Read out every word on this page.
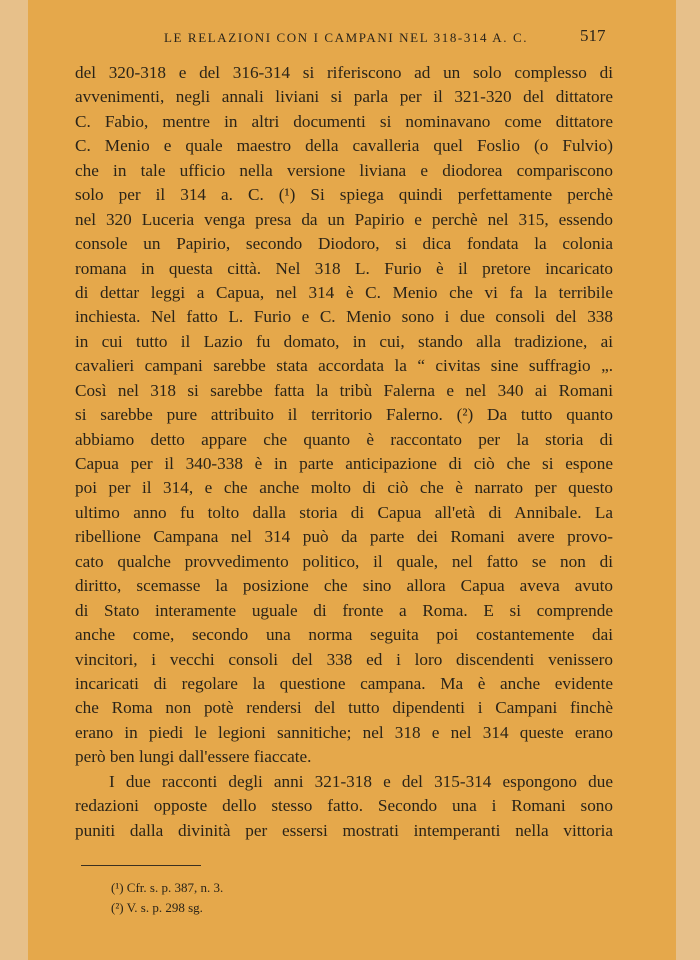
LE RELAZIONI CON I CAMPANI NEL 318-314 A. C.	517
del 320-318 e del 316-314 si riferiscono ad un solo complesso di
avvenimenti, negli annali liviani si parla per il 321-320 del dittatore
C. Fabio, mentre in altri documenti si nominavano come dittatore
C. Menio e quale maestro della cavalleria quel Foslio (o Fulvio)
che in tale ufficio nella versione liviana e diodorea compariscono
solo per il 314 a. C. (¹) Si spiega quindi perfettamente perchè
nel 320 Luceria venga presa da un Papirio e perchè nel 315, essendo
console un Papirio, secondo Diodoro, si dica fondata la colonia
romana in questa città. Nel 318 L. Furio è il pretore incaricato
di dettar leggi a Capua, nel 314 è C. Menio che vi fa la terribile
inchiesta. Nel fatto L. Furio e C. Menio sono i due consoli del 338
in cui tutto il Lazio fu domato, in cui, stando alla tradizione, ai
cavalieri campani sarebbe stata accordata la “ civitas sine suffragio „.
Così nel 318 si sarebbe fatta la tribù Falerna e nel 340 ai Romani
si sarebbe pure attribuito il territorio Falerno. (²) Da tutto quanto
abbiamo detto appare che quanto è raccontato per la storia di
Capua per il 340-338 è in parte anticipazione di ciò che si espone
poi per il 314, e che anche molto di ciò che è narrato per questo
ultimo anno fu tolto dalla storia di Capua all'età di Annibale. La
ribellione Campana nel 314 può da parte dei Romani avere provo-
cato qualche provvedimento politico, il quale, nel fatto se non di
diritto, scemasse la posizione che sino allora Capua aveva avuto
di Stato interamente uguale di fronte a Roma. E si comprende
anche come, secondo una norma seguita poi costantemente dai
vincitori, i vecchi consoli del 338 ed i loro discendenti venissero
incaricati di regolare la questione campana. Ma è anche evidente
che Roma non potè rendersi del tutto dipendenti i Campani finchè
erano in piedi le legioni sannitiche; nel 318 e nel 314 queste erano
però ben lungi dall'essere fiaccate.
I due racconti degli anni 321-318 e del 315-314 espongono due
redazioni opposte dello stesso fatto. Secondo una i Romani sono
puniti dalla divinità per essersi mostrati intemperanti nella vittoria
(¹) Cfr. s. p. 387, n. 3.
(²) V. s. p. 298 sg.
